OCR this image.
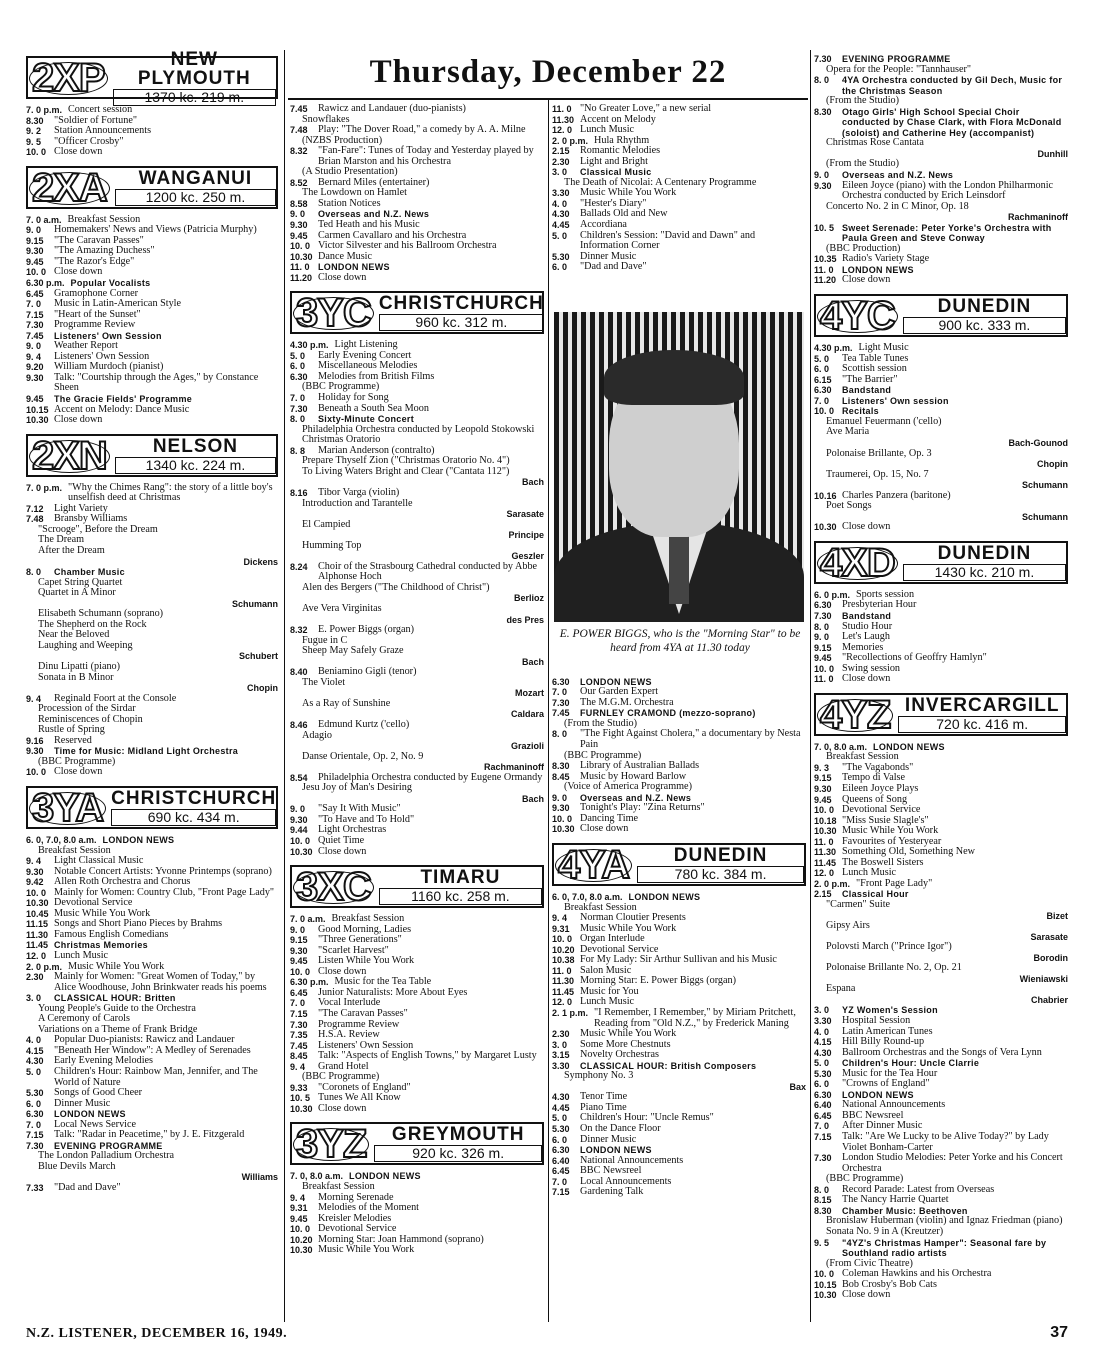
Thursday, December 22
2XP	NEW PLYMOUTH
1370 kc. 219 m.
7. 0 p.m. Concert session
8.30	"Soldier of Fortune"
9. 2	Station Announcements
9. 5	"Officer Crosby"
10. 0 Close down
2XA	WANGANUI
1200 kc. 250 m.
7. 0 a.m. Breakfast Session
9. 0	Homemakers' News and Views (Patricia Murphy)
9.15	"The Caravan Passes"
9.30	"The Amazing Duchess"
9.45	"The Razor's Edge"
10. 0 Close down
6.30 p.m. Popular Vocalists
6.45	Gramophone Corner
7. 0	Music in Latin-American Style
7.15	"Heart of the Sunset"
7.30	Programme Review
7.45	Listeners' Own Session
9. 0	Weather Report
9. 4	Listeners' Own Session
9.20	William Murdoch (pianist)
9.30	Talk: "Courtship through the Ages," by Constance Sheen
9.45	The Gracie Fields' Programme
10.15 Accent on Melody: Dance Music
10.30 Close down
2XN	NELSON
1340 kc. 224 m.
7. 0 p.m. "Why the Chimes Rang": the story of a little boy's unselfish deed at Christmas
7.12	Light Variety
7.48	Bransby Williams
"Scrooge", Before the Dream
The Dream
After the Dream
Dickens
8. 0	Chamber Music
Capet String Quartet
Quartet in A Minor
Schumann
Elisabeth Schumann (soprano)
The Shepherd on the Rock
Near the Beloved
Laughing and Weeping
Schubert
Dinu Lipatti (piano)
Sonata in B Minor
Chopin
9. 4	Reginald Foort at the Console
Procession of the Sirdar
Reminiscences of Chopin
Rustle of Spring
9.16	Reserved
9.30	Time for Music: Midland Light Orchestra
(BBC Programme)
10. 0 Close down
3YA CHRISTCHURCH
690 kc. 434 m.
6. 0, 7.0, 8.0 a.m. LONDON NEWS
Breakfast Session
9. 4	Light Classical Music
9.30	Notable Concert Artists: Yvonne Printemps (soprano)
9.42	Allen Roth Orchestra and Chorus
10. 0 Mainly for Women: Country Club, "Front Page Lady"
10.30 Devotional Service
10.45 Music While You Work
11.15 Songs and Short Piano Pieces by Brahms
11.30 Famous English Comedians
11.45 Christmas Memories
12. 0 Lunch Music
2. 0 p.m. Music While You Work
2.30	Mainly for Women: "Great Women of Today," by Alice Woodhouse, John Brinkwater reads his poems
3. 0	CLASSICAL HOUR: Britten
Young People's Guide to the Orchestra
A Ceremony of Carols
Variations on a Theme of Frank Bridge
4. 0	Popular Duo-pianists: Rawicz and Landauer
4.15	"Beneath Her Window": A Medley of Serenades
4.30	Early Evening Melodies
5. 0	Children's Hour: Rainbow Man, Jennifer, and The World of Nature
5.30	Songs of Good Cheer
6. 0	Dinner Music
6.30	LONDON NEWS
7. 0	Local News Service
7.15	Talk: "Radar in Peacetime," by J. E. Fitzgerald
7.30	EVENING PROGRAMME
The London Palladium Orchestra
Blue Devils March
Williams
7.33	"Dad and Dave"
7.45	Rawicz and Landauer (duo-pianists)
Snowflakes
7.48	Play: "The Dover Road," a comedy by A. A. Milne
(NZBS Production)
8.32	"Fan-Fare": Tunes of Today and Yesterday played by Brian Marston and his Orchestra
(A Studio Presentation)
8.52	Bernard Miles (entertainer)
The Lowdown on Hamlet
8.58	Station Notices
9. 0	Overseas and N.Z. News
9.30	Ted Heath and his Music
9.45	Carmen Cavallaro and his Orchestra
10. 0 Victor Silvester and his Ballroom Orchestra
10.30 Dance Music
11. 0 LONDON NEWS
11.20 Close down
3YC CHRISTCHURCH
960 kc. 312 m.
4.30 p.m. Light Listening
5. 0	Early Evening Concert
6. 0	Miscellaneous Melodies
6.30	Melodies from British Films
(BBC Programme)
7. 0	Holiday for Song
7.30	Beneath a South Sea Moon
8. 0	Sixty-Minute Concert
Philadelphia Orchestra conducted by Leopold Stokowski
Christmas Oratorio
8. 8	Marian Anderson (contralto)
Prepare Thyself Zion ("Christmas Oratorio No. 4")
To Living Waters Bright and Clear ("Cantata 112")
Bach
8.16	Tibor Varga (violin)
Introduction and Tarantelle
Sarasate
El Campied
Principe
Humming Top
Geszler
8.24	Choir of the Strasbourg Cathedral conducted by Abbe Alphonse Hoch
Alen des Bergers ("The Childhood of Christ")
Berlioz
Ave Vera Virginitas
des Pres
8.32	E. Power Biggs (organ)
Fugue in C
Sheep May Safely Graze
Bach
8.40	Beniamino Gigli (tenor)
The Violet
Mozart
As a Ray of Sunshine
Caldara
8.46	Edmund Kurtz ('cello)
Adagio
Grazioli
Danse Orientale, Op. 2, No. 9
Rachmaninoff
8.54	Philadelphia Orchestra conducted by Eugene Ormandy
Jesu Joy of Man's Desiring
Bach
9. 0	"Say It With Music"
9.30	"To Have and To Hold"
9.44	Light Orchestras
10. 0 Quiet Time
10.30 Close down
3XC	TIMARU
1160 kc. 258 m.
7. 0 a.m. Breakfast Session
9. 0	Good Morning, Ladies
9.15	"Three Generations"
9.30	"Scarlet Harvest"
9.45	Listen While You Work
10. 0 Close down
6.30 p.m. Music for the Tea Table
6.45	Junior Naturalists: More About Eyes
7. 0	Vocal Interlude
7.15	"The Caravan Passes"
7.30	Programme Review
7.35	H.S.A. Review
7.45	Listeners' Own Session
8.45	Talk: "Aspects of English Towns," by Margaret Lusty
9. 4	Grand Hotel
(BBC Programme)
9.33	"Coronets of England"
10. 5 Tunes We All Know
10.30 Close down
3YZ	GREYMOUTH
920 kc. 326 m.
7. 0, 8.0 a.m. LONDON NEWS
Breakfast Session
9. 4	Morning Serenade
9.31	Melodies of the Moment
9.45	Kreisler Melodies
10. 0 Devotional Service
10.20 Morning Star: Joan Hammond (soprano)
10.30 Music While You Work
11. 0 "No Greater Love," a new serial
11.30 Accent on Melody
12. 0 Lunch Music
2. 0 p.m. Hula Rhythm
2.15	Romantic Melodies
2.30	Light and Bright
3. 0	Classical Music
The Death of Nicolai: A Centenary Programme
3.30	Music While You Work
4. 0	"Hester's Diary"
4.30	Ballads Old and New
4.45	Accordiana
5. 0	Children's Session: "David and Dawn" and Information Corner
5.30	Dinner Music
6. 0	"Dad and Dave"
6.30	LONDON NEWS
7. 0	Our Garden Expert
7.30	The M.G.M. Orchestra
7.45	FURNLEY CRAMOND (mezzo-soprano)
(From the Studio)
8. 0	"The Fight Against Cholera," a documentary by Nesta Pain
(BBC Programme)
8.30	Library of Australian Ballads
8.45	Music by Howard Barlow
(Voice of America Programme)
9. 0	Overseas and N.Z. News
9.30	Tonight's Play: "Zina Returns"
10. 0 Dancing Time
10.30 Close down
4YA	DUNEDIN
780 kc. 384 m.
6. 0, 7.0, 8.0 a.m. LONDON NEWS
Breakfast Session
9. 4	Norman Cloutier Presents
9.31	Music While You Work
10. 0 Organ Interlude
10.20 Devotional Service
10.38 For My Lady: Sir Arthur Sullivan and his Music
11. 0 Salon Music
11.30 Morning Star: E. Power Biggs (organ)
11.45 Music for You
12. 0 Lunch Music
2. 1 p.m. "I Remember, I Remember," by Miriam Pritchett, Reading from "Old N.Z.," by Frederick Maning
2.30	Music While You Work
3. 0	Some More Chestnuts
3.15	Novelty Orchestras
3.30	CLASSICAL HOUR: British Composers
Symphony No. 3
Bax
4.30	Tenor Time
4.45	Piano Time
5. 0	Children's Hour: "Uncle Remus"
5.30	On the Dance Floor
6. 0	Dinner Music
6.30	LONDON NEWS
6.40	National Announcements
6.45	BBC Newsreel
7. 0	Local Announcements
7.15	Gardening Talk
7.30	EVENING PROGRAMME
Opera for the People: "Tannhauser"
8. 0	4YA Orchestra conducted by Gil Dech, Music for the Christmas Season
(From the Studio)
8.30	Otago Girls' High School Special Choir conducted by Chase Clark, with Flora McDonald (soloist) and Catherine Hey (accompanist)
Christmas Rose Cantata
Dunhill
(From the Studio)
9. 0	Overseas and N.Z. News
9.30	Eileen Joyce (piano) with the London Philharmonic Orchestra conducted by Erich Leinsdorf
Concerto No. 2 in C Minor, Op. 18
Rachmaninoff
10. 5 Sweet Serenade: Peter Yorke's Orchestra with Paula Green and Steve Conway
(BBC Production)
10.35 Radio's Variety Stage
11. 0 LONDON NEWS
11.20 Close down
4YC	DUNEDIN
900 kc. 333 m.
4.30 p.m. Light Music
5. 0	Tea Table Tunes
6. 0	Scottish session
6.15	"The Barrier"
6.30	Bandstand
7. 0	Listeners' Own session
10. 0 Recitals
Emanuel Feuermann ('cello)
Ave Maria
Bach-Gounod
Polonaise Brillante, Op. 3
Chopin
Traumerei, Op. 15, No. 7
Schumann
10.16 Charles Panzera (baritone)
Poet Songs
Schumann
10.30 Close down
4XD	DUNEDIN
1430 kc. 210 m.
6. 0 p.m. Sports session
6.30	Presbyterian Hour
7.30	Bandstand
8. 0	Studio Hour
9. 0	Let's Laugh
9.15	Memories
9.45	"Recollections of Geoffry Hamlyn"
10. 0 Swing session
11. 0 Close down
4YZ INVERCARGILL
720 kc. 416 m.
7. 0, 8.0 a.m. LONDON NEWS
Breakfast Session
9. 3	"The Vagabonds"
9.15	Tempo di Valse
9.30	Eileen Joyce Plays
9.45	Queens of Song
10. 0 Devotional Service
10.18 "Miss Susie Slagle's"
10.30 Music While You Work
11. 0 Favourites of Yesteryear
11.30 Something Old, Something New
11.45 The Boswell Sisters
12. 0 Lunch Music
2. 0 p.m. "Front Page Lady"
2.15	Classical Hour
"Carmen" Suite
Bizet
Gipsy Airs
Sarasate
Polovsti March ("Prince Igor")
Borodin
Polonaise Brillante No. 2, Op. 21
Wieniawski
Espana
Chabrier
3. 0	YZ Women's Session
3.30	Hospital Session
4. 0	Latin American Tunes
4.15	Hill Billy Round-up
4.30	Ballroom Orchestras and the Songs of Vera Lynn
5. 0	Children's Hour: Uncle Clarrie
5.30	Music for the Tea Hour
6. 0	"Crowns of England"
6.30	LONDON NEWS
6.40	National Announcements
6.45	BBC Newsreel
7. 0	After Dinner Music
7.15	Talk: "Are We Lucky to be Alive Today?" by Lady Violet Bonham-Carter
7.30	London Studio Melodies: Peter Yorke and his Concert Orchestra
(BBC Programme)
8. 0	Record Parade: Latest from Overseas
8.15	The Nancy Harrie Quartet
8.30	Chamber Music: Beethoven
Bronislaw Huberman (violin) and Ignaz Friedman (piano)
Sonata No. 9 in A (Kreutzer)
9. 5	"4YZ's Christmas Hamper": Seasonal fare by Southland radio artists
(From Civic Theatre)
10. 0 Coleman Hawkins and his Orchestra
10.15 Bob Crosby's Bob Cats
10.30 Close down
E. POWER BIGGS, who is the "Morning Star" to be heard from 4YA at 11.30 today
N.Z. LISTENER, DECEMBER 16, 1949.	37
